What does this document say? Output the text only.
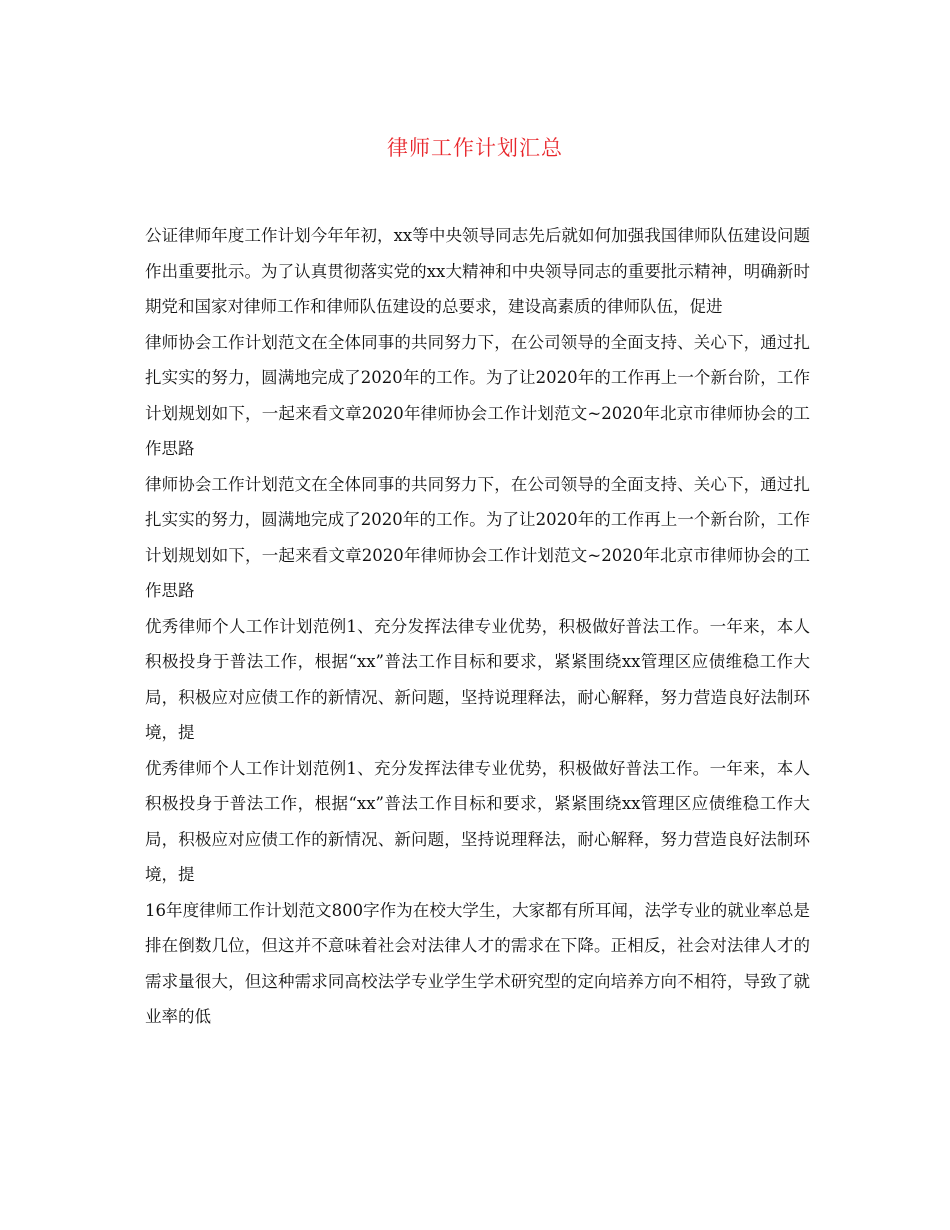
律师工作计划汇总

公证律师年度工作计划今年年初，xx等中央领导同志先后就如何加强我国律师队伍建设问题作出重要批示。为了认真贯彻落实党的xx大精神和中央领导同志的重要批示精神，明确新时期党和国家对律师工作和律师队伍建设的总要求，建设高素质的律师队伍，促进

律师协会工作计划范文在全体同事的共同努力下，在公司领导的全面支持、关心下，通过扎扎实实的努力，圆满地完成了2020年的工作。为了让2020年的工作再上一个新台阶，工作计划规划如下，一起来看文章2020年律师协会工作计划范文~2020年北京市律师协会的工作思路

律师协会工作计划范文在全体同事的共同努力下，在公司领导的全面支持、关心下，通过扎扎实实的努力，圆满地完成了2020年的工作。为了让2020年的工作再上一个新台阶，工作计划规划如下，一起来看文章2020年律师协会工作计划范文~2020年北京市律师协会的工作思路

优秀律师个人工作计划范例1、充分发挥法律专业优势，积极做好普法工作。一年来，本人积极投身于普法工作，根据“xx”普法工作目标和要求，紧紧围绕xx管理区应债维稳工作大局，积极应对应债工作的新情况、新问题，坚持说理释法，耐心解释，努力营造良好法制环境，提

优秀律师个人工作计划范例1、充分发挥法律专业优势，积极做好普法工作。一年来，本人积极投身于普法工作，根据“xx”普法工作目标和要求，紧紧围绕xx管理区应债维稳工作大局，积极应对应债工作的新情况、新问题，坚持说理释法，耐心解释，努力营造良好法制环境，提

16年度律师工作计划范文800字作为在校大学生，大家都有所耳闻，法学专业的就业率总是排在倒数几位，但这并不意味着社会对法律人才的需求在下降。正相反，社会对法律人才的需求量很大，但这种需求同高校法学专业学生学术研究型的定向培养方向不相符，导致了就业率的低
